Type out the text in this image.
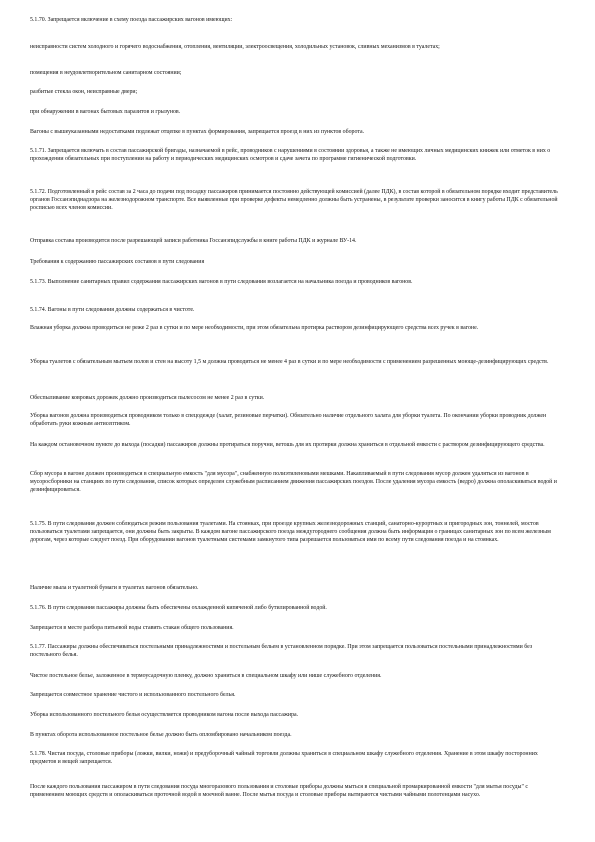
5.1.70. Запрещается включение в схему поезда пассажирских вагонов имеющих:

неисправности систем холодного и горячего водоснабжения, отопления, вентиляции, электроосвещения, холодильных установок, сливных механизмов в туалетах;

помещения в неудовлетворительном санитарном состоянии;

разбитые стекла окон, неисправные двери;

при обнаружении в вагонах бытовых паразитов и грызунов.

Вагоны с вышеуказанными недостатками подлежат отцепке в пунктах формирования, запрещается проезд в них из пунктов оборота.

5.1.71. Запрещается включать в состав пассажирской бригады, назначаемой в рейс, проводников с нарушениями в состоянии здоровья, а также не имеющих личных медицинских книжек или отметок в них о прохождении обязательных при поступлении на работу и периодических медицинских осмотров и сдаче зачета по программе гигиенической подготовки.

5.1.72. Подготовленный в рейс состав за 2 часа до подачи под посадку пассажиров принимается постоянно действующей комиссией (далее ПДК), в состав которой в обязательном порядке входит представитель органов Госсанэпиднадзора на железнодорожном транспорте. Все выявленные при проверке дефекты немедленно должны быть устранены, в результате проверки заносится в книгу работы ПДК с обязательной росписью всех членов комиссии.

Отправка состава производится после разрешающей записи работника Госсанэпидслужбы в книге работы ПДК и журнале ВУ-14.

Требования к содержанию пассажирских составов в пути следования

5.1.73. Выполнение санитарных правил содержания пассажирских вагонов в пути следования возлагается на начальника поезда и проводников вагонов.

5.1.74. Вагоны в пути следования должны содержаться в чистоте.

Влажная уборка должна проводиться не реже 2 раз в сутки и по мере необходимости, при этом обязательна протирка раствором дезинфицирующего средства всех ручек в вагоне.

Уборка туалетов с обязательным мытьем полов и стен на высоту 1,5 м должна проводиться не менее 4 раз в сутки и по мере необходимости с применением разрешенных моюще-дезинфицирующих средств.

Обеспыливание ковровых дорожек должно производиться пылесосом не менее 2 раз в сутки.

Уборка вагонов должна производиться проводником только в спецодежде (халат, резиновые перчатки). Обязательно наличие отдельного халата для уборки туалета. По окончании уборки проводник должен обработать руки кожным антисептиком.

На каждом остановочном пункте до выхода (посадки) пассажиров должны протираться поручни, ветошь для их протирки должна храниться в отдельной емкости с раствором дезинфицирующего средства.

Сбор мусора в вагоне должен производиться в специальную емкость "для мусора", снабженную полиэтиленовыми мешками. Накапливаемый в пути следования мусор должен удаляться из вагонов в мусоросборники на станциях по пути следования, список которых определен служебным расписанием движения пассажирских поездов. После удаления мусора емкость (ведро) должна ополаскиваться водой и дезинфицироваться.

5.1.75. В пути следования должен соблюдаться режим пользования туалетами. На стоянках, при проезде крупных железнодорожных станций, санаторно-курортных и пригородных зон, тоннелей, мостов пользоваться туалетами запрещается, они должны быть закрыты. В каждом вагоне пассажирского поезда междугороднего сообщения должна быть информация о границах санитарных зон по всем железным дорогам, через которые следует поезд. При оборудовании вагонов туалетными системами замкнутого типа разрешается пользоваться ими по всему пути следования поезда и на стоянках.

Наличие мыла и туалетной бумаги в туалетах вагонов обязательно.

5.1.76. В пути следования пассажиры должны быть обеспечены охлажденной кипяченой либо бутилированной водой.

Запрещается в месте разбора питьевой воды ставить стакан общего пользования.

5.1.77. Пассажиры должны обеспечиваться постельными принадлежностями и постельным бельем в установленном порядке. При этом запрещается пользоваться постельными принадлежностями без постельного белья.

Чистое постельное белье, заложенное в термоусадочную пленку, должно храниться в специальном шкафу или нише служебного отделения.

Запрещается совместное хранение чистого и использованного постельного белья.

Уборка использованного постельного белья осуществляется проводником вагона после выхода пассажира.

В пунктах оборота использованное постельное белье должно быть опломбировано начальником поезда.

5.1.78. Чистая посуда, столовые приборы (ложки, вилки, ножи) и предуборочный чайный торговли должны храниться в специальном шкафу служебного отделения. Хранение в этом шкафу посторонних предметов и вещей запрещается.

После каждого пользования пассажиром в пути следования посуда многоразового пользования и столовые приборы должны мыться в специальной промаркированной емкости "для мытья посуды" с применением моющих средств и ополаскиваться проточной водой в моечной ванне. После мытья посуда и столовые приборы вытираются чистыми чайными полотенцами насухо.
